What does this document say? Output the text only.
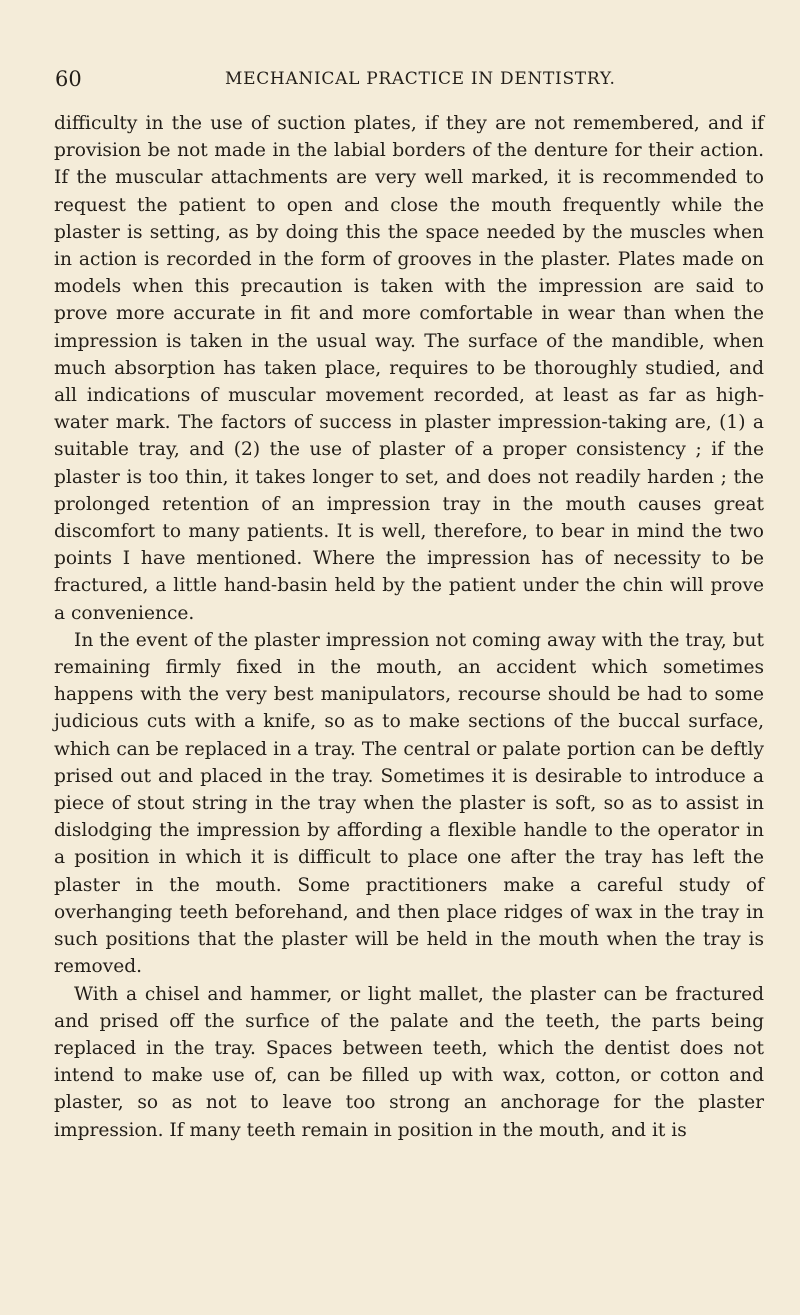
60	MECHANICAL PRACTICE IN DENTISTRY.

difficulty in the use of suction plates, if they are not remembered, and if provision be not made in the labial borders of the denture for their action. If the muscular attachments are very well marked, it is recommended to request the patient to open and close the mouth frequently while the plaster is setting, as by doing this the space needed by the muscles when in action is recorded in the form of grooves in the plaster. Plates made on models when this precaution is taken with the impression are said to prove more accurate in fit and more comfortable in wear than when the impression is taken in the usual way. The surface of the mandible, when much absorption has taken place, requires to be thoroughly studied, and all indications of muscular movement recorded, at least as far as high-water mark. The factors of success in plaster impression-taking are, (1) a suitable tray, and (2) the use of plaster of a proper consistency ; if the plaster is too thin, it takes longer to set, and does not readily harden ; the prolonged retention of an impression tray in the mouth causes great discomfort to many patients. It is well, therefore, to bear in mind the two points I have mentioned. Where the impression has of necessity to be fractured, a little hand-basin held by the patient under the chin will prove a convenience.

In the event of the plaster impression not coming away with the tray, but remaining firmly fixed in the mouth, an accident which sometimes happens with the very best manipulators, recourse should be had to some judicious cuts with a knife, so as to make sections of the buccal surface, which can be replaced in a tray. The central or palate portion can be deftly prised out and placed in the tray. Sometimes it is desirable to introduce a piece of stout string in the tray when the plaster is soft, so as to assist in dislodging the impression by affording a flexible handle to the operator in a position in which it is difficult to place one after the tray has left the plaster in the mouth. Some practitioners make a careful study of overhanging teeth beforehand, and then place ridges of wax in the tray in such positions that the plaster will be held in the mouth when the tray is removed.

With a chisel and hammer, or light mallet, the plaster can be fractured and prised off the surfıce of the palate and the teeth, the parts being replaced in the tray. Spaces between teeth, which the dentist does not intend to make use of, can be filled up with wax, cotton, or cotton and plaster, so as not to leave too strong an anchorage for the plaster impression. If many teeth remain in position in the mouth, and it is
